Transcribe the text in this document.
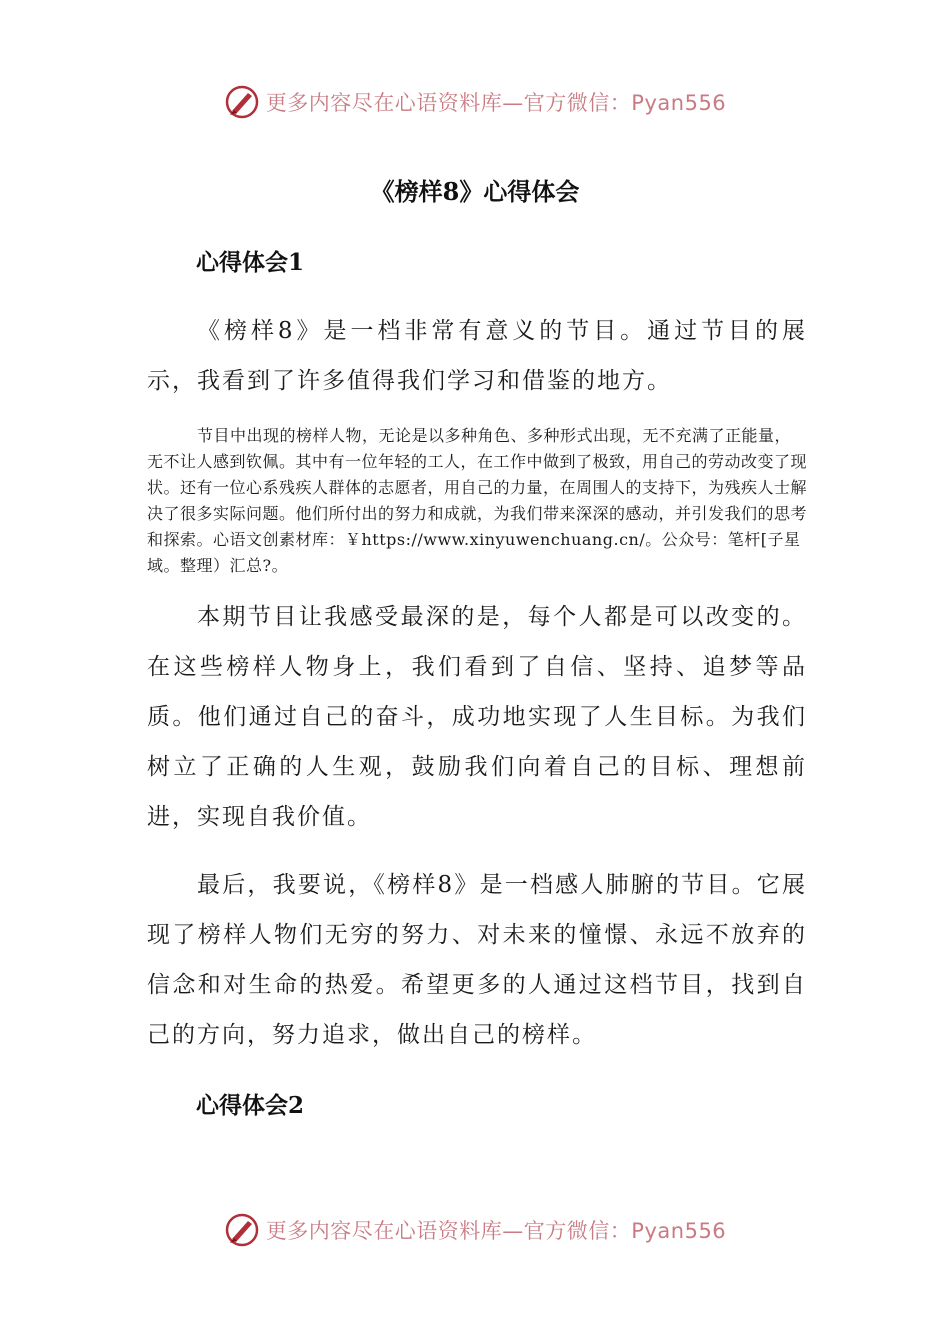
更多内容尽在心语资料库—官方微信：Pyan556
《榜样8》心得体会
心得体会1

《榜样8》是一档非常有意义的节目。通过节目的展示，我看到了许多值得我们学习和借鉴的地方。

节目中出现的榜样人物，无论是以多种角色、多种形式出现，无不充满了正能量，无不让人感到钦佩。其中有一位年轻的工人，在工作中做到了极致，用自己的劳动改变了现状。还有一位心系残疾人群体的志愿者，用自己的力量，在周围人的支持下，为残疾人士解决了很多实际问题。他们所付出的努力和成就，为我们带来深深的感动，并引发我们的思考和探索。心语文创素材库：￥https://www.xinyuwenchuang.cn/。公众号：笔杆[子星域。整理）汇总?。

本期节目让我感受最深的是，每个人都是可以改变的。在这些榜样人物身上，我们看到了自信、坚持、追梦等品质。他们通过自己的奋斗，成功地实现了人生目标。为我们树立了正确的人生观，鼓励我们向着自己的目标、理想前进，实现自我价值。

最后，我要说，《榜样8》是一档感人肺腑的节目。它展现了榜样人物们无穷的努力、对未来的憧憬、永远不放弃的信念和对生命的热爱。希望更多的人通过这档节目，找到自己的方向，努力追求，做出自己的榜样。

心得体会2
更多内容尽在心语资料库—官方微信：Pyan556
